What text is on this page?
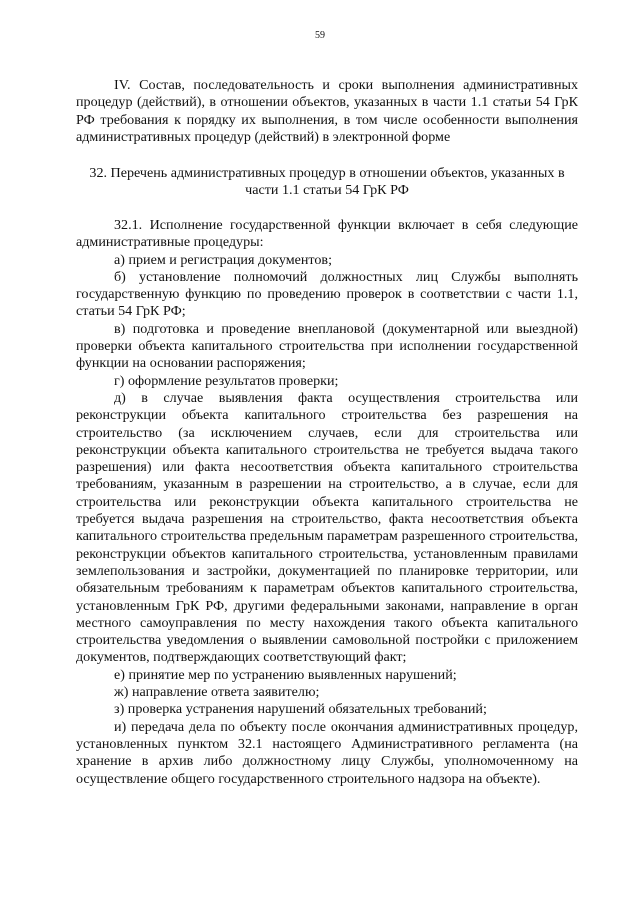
59
IV. Состав, последовательность и сроки выполнения административных процедур (действий), в отношении объектов, указанных в части 1.1 статьи 54 ГрК РФ требования к порядку их выполнения, в том числе особенности выполнения административных процедур (действий) в электронной форме
32. Перечень административных процедур в отношении объектов, указанных в части 1.1 статьи 54 ГрК РФ

32.1. Исполнение государственной функции включает в себя следующие административные процедуры:

а) прием и регистрация документов;

б) установление полномочий должностных лиц Службы выполнять государственную функцию по проведению проверок в соответствии с части 1.1, статьи 54 ГрК РФ;

в) подготовка и проведение внеплановой (документарной или выездной) проверки объекта капитального строительства при исполнении государственной функции на основании распоряжения;

г) оформление результатов проверки;

д) в случае выявления факта осуществления строительства или реконструкции объекта капитального строительства без разрешения на строительство (за исключением случаев, если для строительства или реконструкции объекта капитального строительства не требуется выдача такого разрешения) или факта несоответствия объекта капитального строительства требованиям, указанным в разрешении на строительство, а в случае, если для строительства или реконструкции объекта капитального строительства не требуется выдача разрешения на строительство, факта несоответствия объекта капитального строительства предельным параметрам разрешенного строительства, реконструкции объектов капитального строительства, установленным правилами землепользования и застройки, документацией по планировке территории, или обязательным требованиям к параметрам объектов капитального строительства, установленным ГрК РФ, другими федеральными законами, направление в орган местного самоуправления по месту нахождения такого объекта капитального строительства уведомления о выявлении самовольной постройки с приложением документов, подтверждающих соответствующий факт;

е) принятие мер по устранению выявленных нарушений;

ж) направление ответа заявителю;

з) проверка устранения нарушений обязательных требований;

и) передача дела по объекту после окончания административных процедур, установленных пунктом 32.1 настоящего Административного регламента (на хранение в архив либо должностному лицу Службы, уполномоченному на осуществление общего государственного строительного надзора на объекте).
